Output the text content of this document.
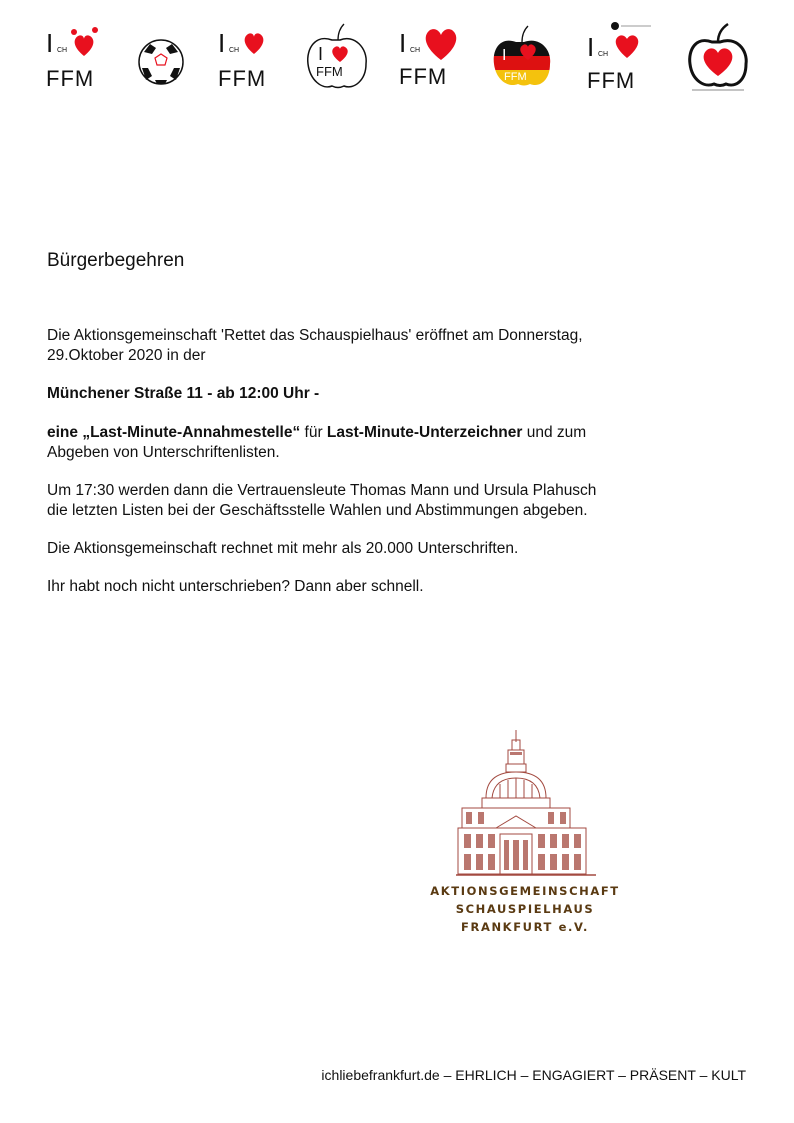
I CH
FFM
I CH
FFM
I
FFM
I CH
FFM
I
FFM
I CH
FFM
Bürgerbegehren
Die Aktionsgemeinschaft 'Rettet das Schauspielhaus' eröffnet am Donnerstag,
29.Oktober 2020 in der
Münchener Straße 11 - ab 12:00 Uhr -
eine „Last-Minute-Annahmestelle“ für Last-Minute-Unterzeichner und zum
Abgeben von Unterschriftenlisten.
Um 17:30 werden dann die Vertrauensleute Thomas Mann und Ursula Plahusch
die letzten Listen bei der Geschäftsstelle Wahlen und Abstimmungen abgeben.
Die Aktionsgemeinschaft rechnet mit mehr als 20.000 Unterschriften.
Ihr habt noch nicht unterschrieben? Dann aber schnell.
AKTIONSGEMEINSCHAFT
SCHAUSPIELHAUS
FRANKFURT e.V.
ichliebefrankfurt.de – EHRLICH – ENGAGIERT – PRÄSENT – KULT
